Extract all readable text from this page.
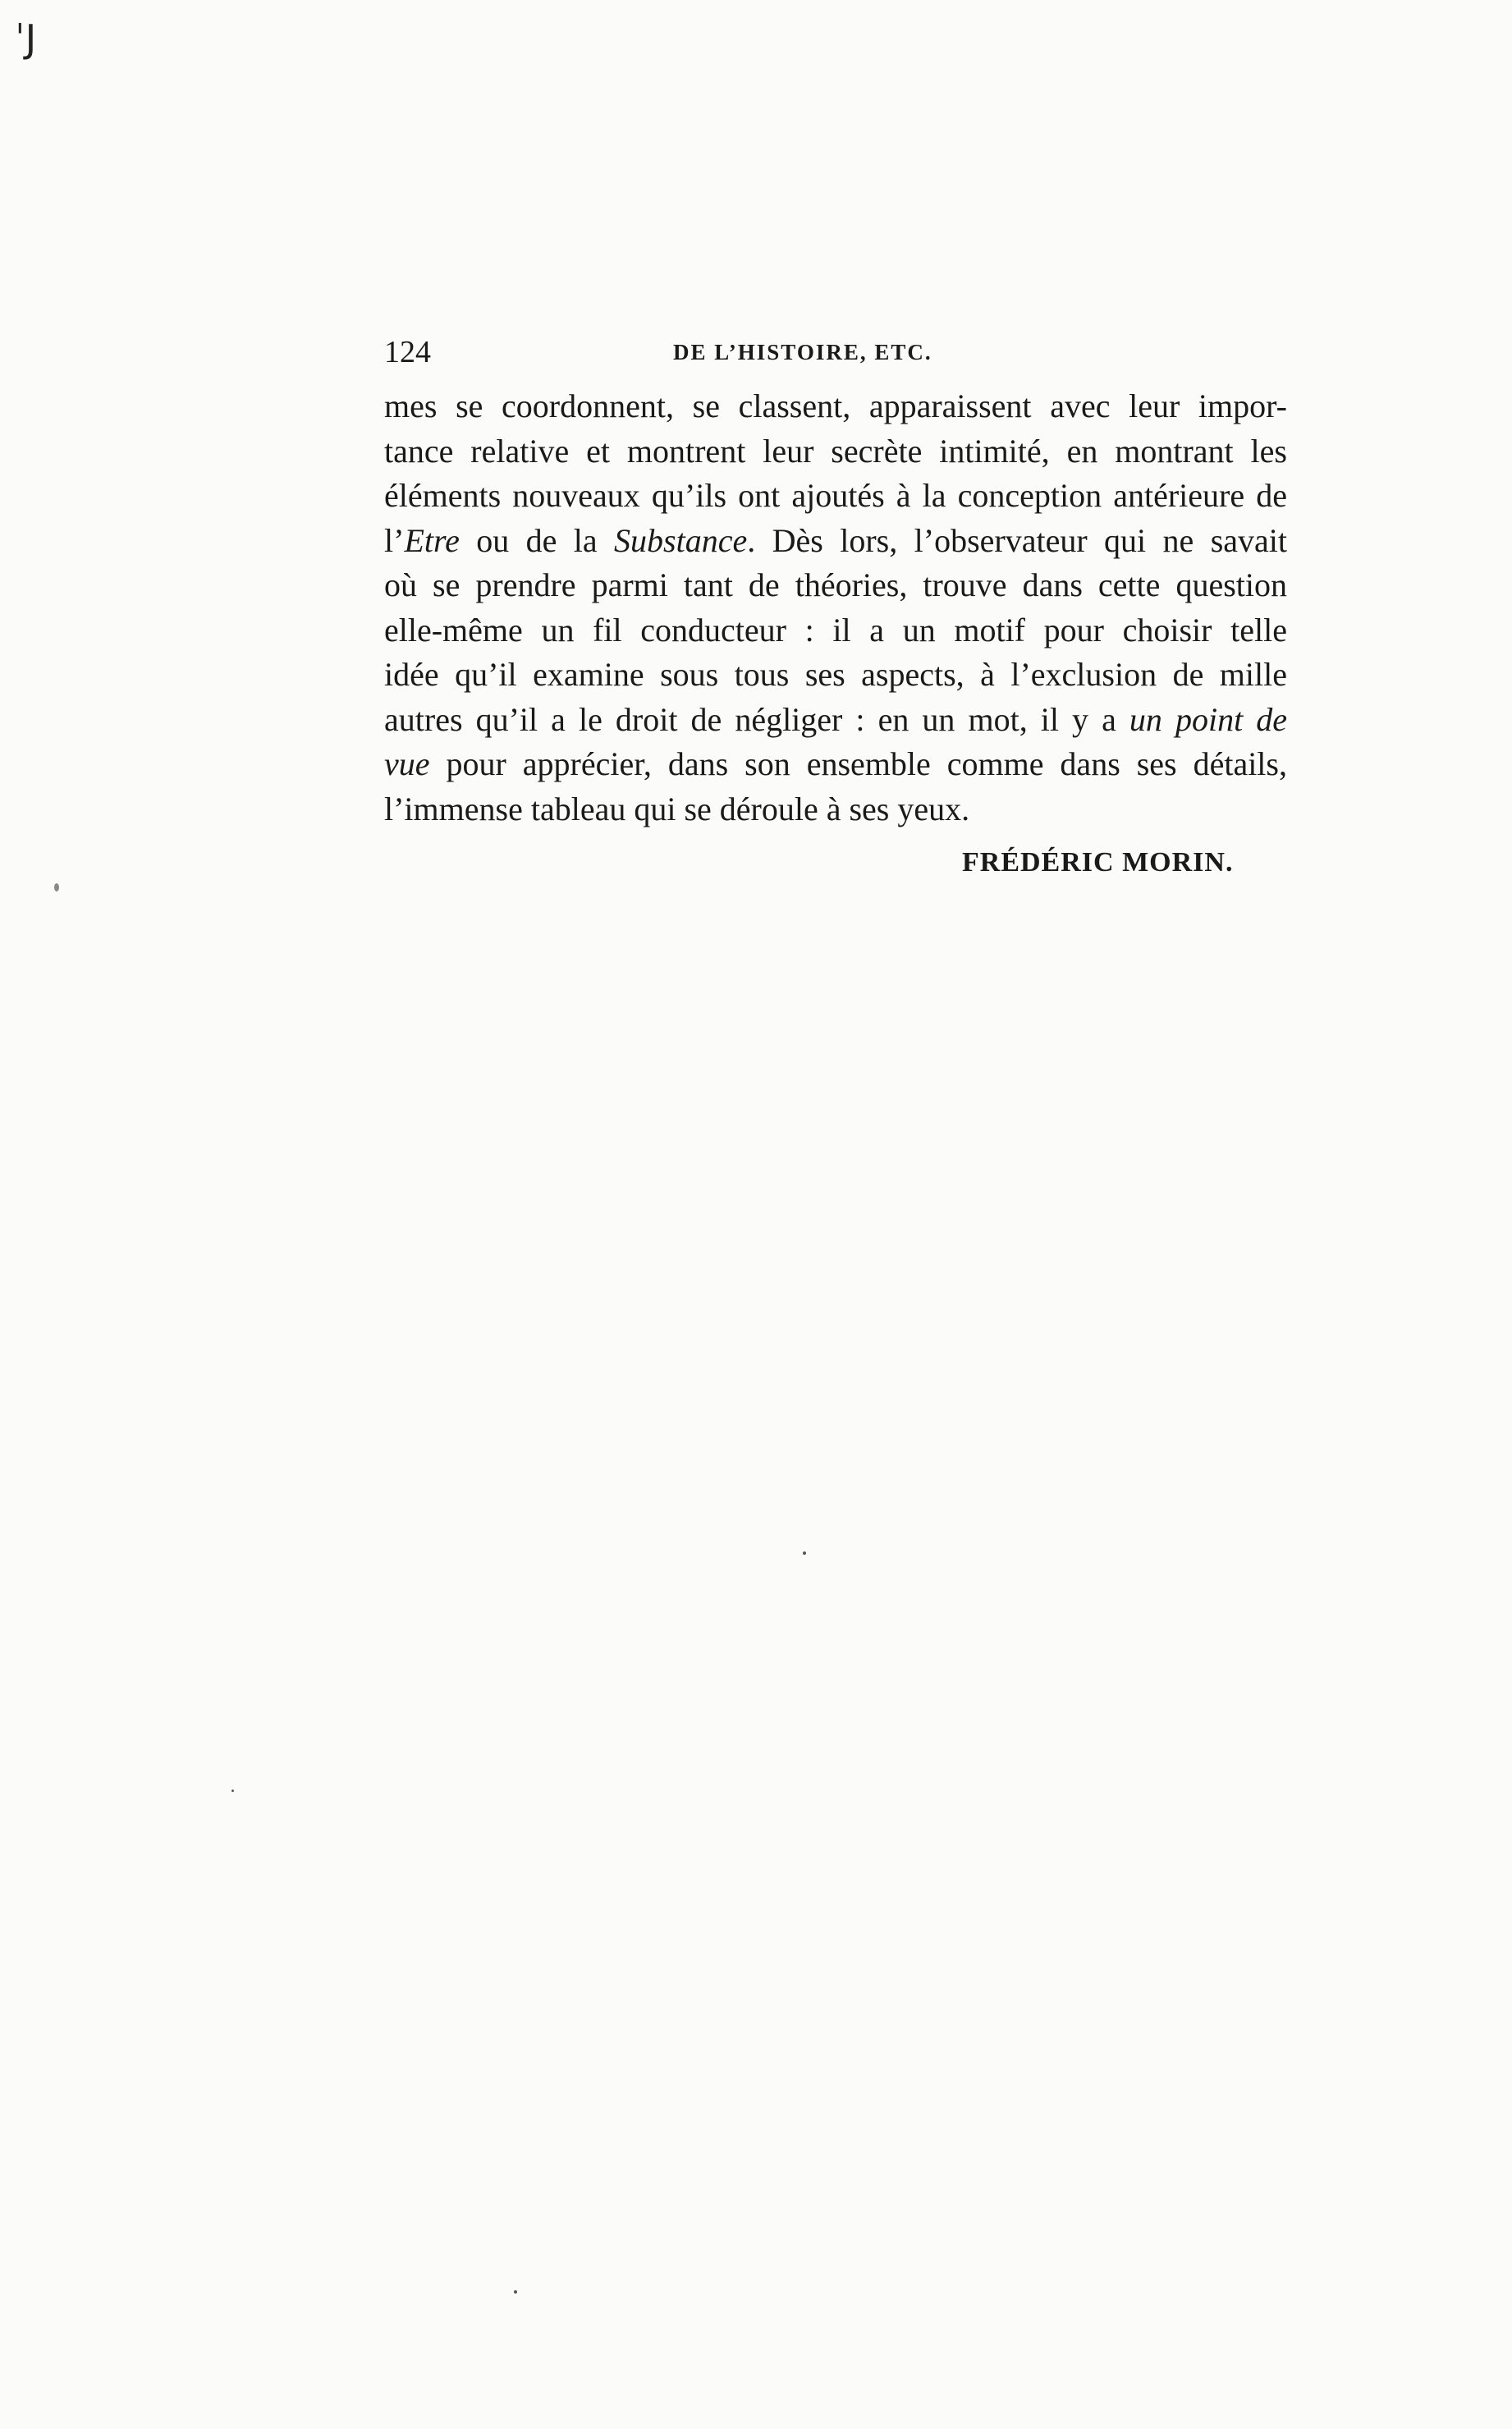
ˈJ
124	DE L’HISTOIRE, ETC.
mes se coordonnent, se classent, apparaissent avec leur impor-
tance relative et montrent leur secrète intimité, en montrant les
éléments nouveaux qu’ils ont ajoutés à la conception antérieure de
l’Etre ou de la Substance. Dès lors, l’observateur qui ne savait
où se prendre parmi tant de théories, trouve dans cette question
elle-même un fil conducteur : il a un motif pour choisir telle
idée qu’il examine sous tous ses aspects, à l’exclusion de mille
autres qu’il a le droit de négliger : en un mot, il y a un point de
vue pour apprécier, dans son ensemble comme dans ses détails,
l’immense tableau qui se déroule à ses yeux.
FRÉDÉRIC MORIN.
